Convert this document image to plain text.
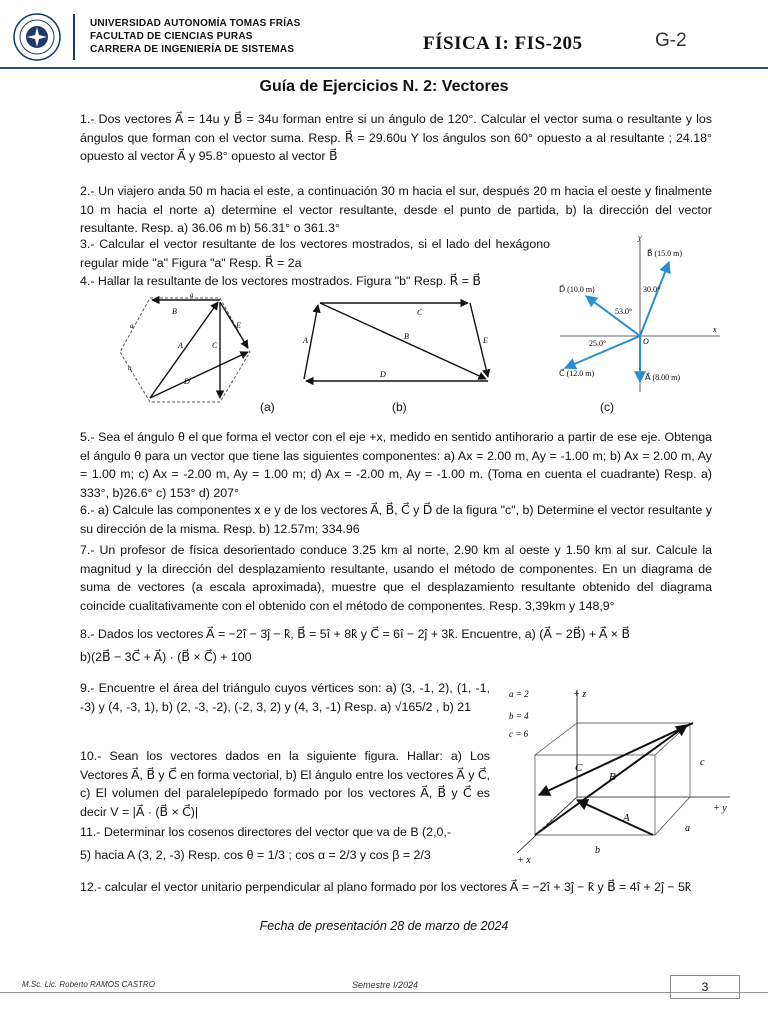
UNIVERSIDAD AUTONOMÍA TOMAS FRÍAS
FACULTAD DE CIENCIAS PURAS
CARRERA DE INGENIERÍA DE SISTEMAS	FÍSICA I: FIS-205	G-2
Guía de Ejercicios N. 2: Vectores
1.- Dos vectores A⃗ = 14u y B⃗ = 34u forman entre si un ángulo de 120°. Calcular el vector suma o resultante y los ángulos que forman con el vector suma. Resp. R⃗ = 29.60u Y los ángulos son 60° opuesto a al resultante ; 24.18° opuesto al vector A⃗ y 95.8° opuesto al vector B⃗
2.- Un viajero anda 50 m hacia el este, a continuación 30 m hacia el sur, después 20 m hacia el oeste y finalmente 10 m hacia el norte a) determine el vector resultante, desde el punto de partida, b) la dirección del vector resultante. Resp. a) 36.06 m b) 56.31° o 361.3°
3.- Calcular el vector resultante de los vectores mostrados, si el lado del hexágono regular mide "a" Figura "a" Resp. R⃗ = 2a
4.- Hallar la resultante de los vectores mostrados. Figura "b" Resp. R⃗ = B⃗
B
a
A	C
E
D
a
a
(a)
C
A	B	E
D
(b)
y
x
B⃗ (15.0 m)
D⃗ (10.0 m)
C⃗ (12.0 m)	A⃗ (8.00 m)
30.0°
53.0°
25.0°	O
(c)
5.- Sea el ángulo θ el que forma el vector con el eje +x, medido en sentido antihorario a partir de ese eje. Obtenga el ángulo θ para un vector que tiene las siguientes componentes: a) Ax = 2.00 m, Ay = -1.00 m; b) Ax = 2.00 m, Ay = 1.00 m; c) Ax = -2.00 m, Ay = 1.00 m; d) Ax = -2.00 m, Ay = -1.00 m. (Toma en cuenta el cuadrante) Resp. a) 333°, b)26.6° c) 153° d) 207°
6.- a) Calcule las componentes x e y de los vectores A⃗, B⃗, C⃗ y D⃗ de la figura "c", b) Determine el vector resultante y su dirección de la misma. Resp. b) 12.57m; 334.96
7.- Un profesor de física desorientado conduce 3.25 km al norte, 2.90 km al oeste y 1.50 km al sur. Calcule la magnitud y la dirección del desplazamiento resultante, usando el método de componentes. En un diagrama de suma de vectores (a escala aproximada), muestre que el desplazamiento resultante obtenido del diagrama coincide cualitativamente con el obtenido con el método de componentes. Resp. 3,39km y 148,9°
8.- Dados los vectores A⃗ = −2î − 3ĵ − k̂, B⃗ = 5î + 8k̂ y C⃗ = 6î − 2ĵ + 3k̂. Encuentre, a) (A⃗ − 2B⃗) + A⃗ × B⃗
b)(2B⃗ − 3C⃗ + A⃗) · (B⃗ × C⃗) + 100
9.- Encuentre el área del triángulo cuyos vértices son: a) (3, -1, 2), (1, -1, -3) y (4, -3, 1), b) (2, -3, -2), (-2, 3, 2) y (4, 3, -1) Resp. a) √165/2 , b) 21
10.- Sean los vectores dados en la siguiente figura. Hallar: a) Los Vectores A⃗, B⃗ y C⃗ en forma vectorial, b) El ángulo entre los vectores A⃗ y C⃗, c) El volumen del paralelepípedo formado por los vectores A⃗, B⃗ y C⃗ es decir V = |A⃗ · (B⃗ × C⃗)|
11.- Determinar los cosenos directores del vector que va de B (2,0,-
5) hacia A (3, 2, -3) Resp. cos θ = 1/3 ; cos α = 2/3 y cos β = 2/3
a = 2
b = 4
c = 6
+ z
+ y
+ x
a
b
c
A⃗
B⃗
C⃗
12.- calcular el vector unitario perpendicular al plano formado por los vectores A⃗ = −2î + 3ĵ − k̂ y B⃗ = 4î + 2ĵ − 5k̂
Fecha de presentación 28 de marzo de 2024
M.Sc. Lic. Roberto RAMOS CASTRO	Semestre I/2024	3
